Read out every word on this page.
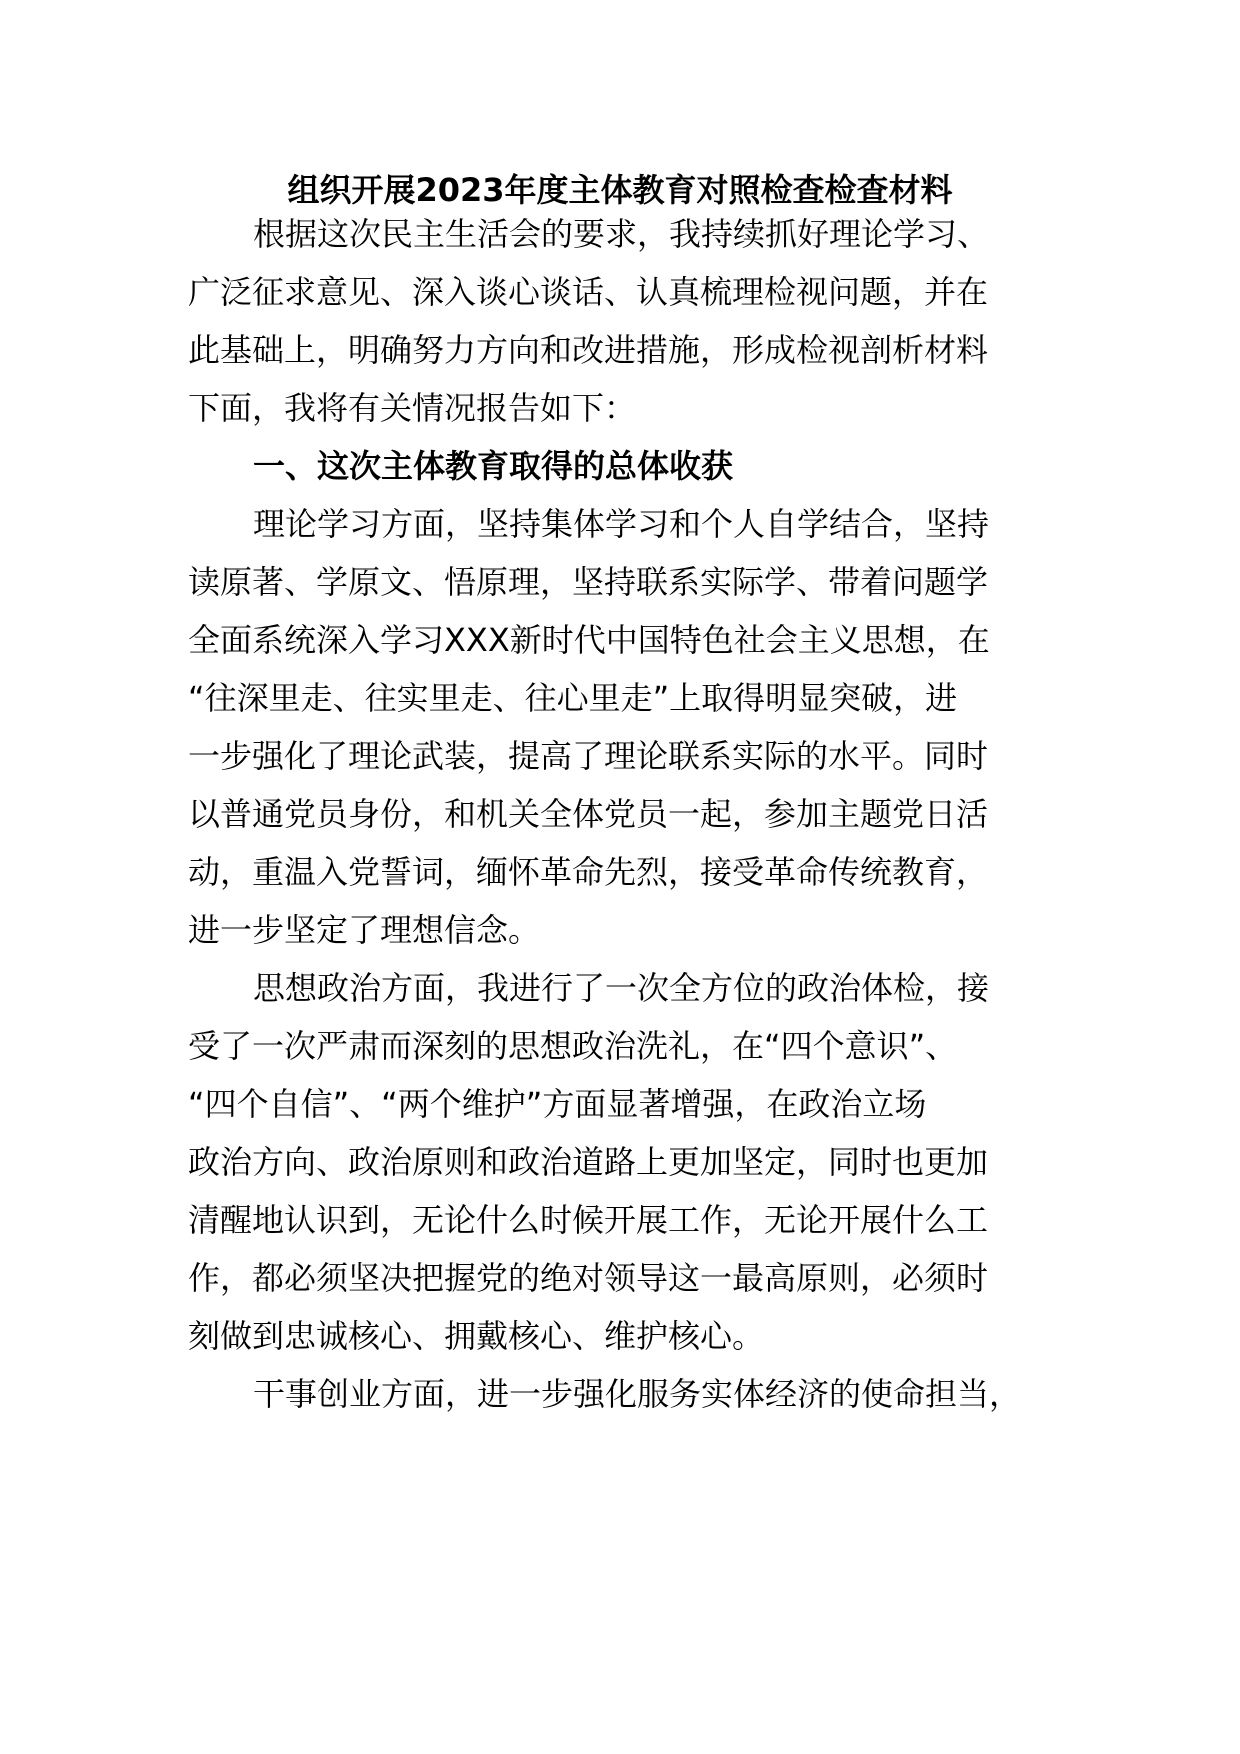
组织开展2023年度主体教育对照检查检查材料
根据这次民主生活会的要求，我持续抓好理论学习、
广泛征求意见、深入谈心谈话、认真梳理检视问题，并在
此基础上，明确努力方向和改进措施，形成检视剖析材料
下面，我将有关情况报告如下：
一、这次主体教育取得的总体收获
理论学习方面，坚持集体学习和个人自学结合，坚持
读原著、学原文、悟原理，坚持联系实际学、带着问题学
全面系统深入学习XXX新时代中国特色社会主义思想，在
“往深里走、往实里走、往心里走”上取得明显突破，进
一步强化了理论武装，提高了理论联系实际的水平。同时
以普通党员身份，和机关全体党员一起，参加主题党日活
动，重温入党誓词，缅怀革命先烈，接受革命传统教育，
进一步坚定了理想信念。
思想政治方面，我进行了一次全方位的政治体检，接
受了一次严肃而深刻的思想政治洗礼，在“四个意识”、
“四个自信”、“两个维护”方面显著增强，在政治立场
政治方向、政治原则和政治道路上更加坚定，同时也更加
清醒地认识到，无论什么时候开展工作，无论开展什么工
作，都必须坚决把握党的绝对领导这一最高原则，必须时
刻做到忠诚核心、拥戴核心、维护核心。
干事创业方面，进一步强化服务实体经济的使命担当，
